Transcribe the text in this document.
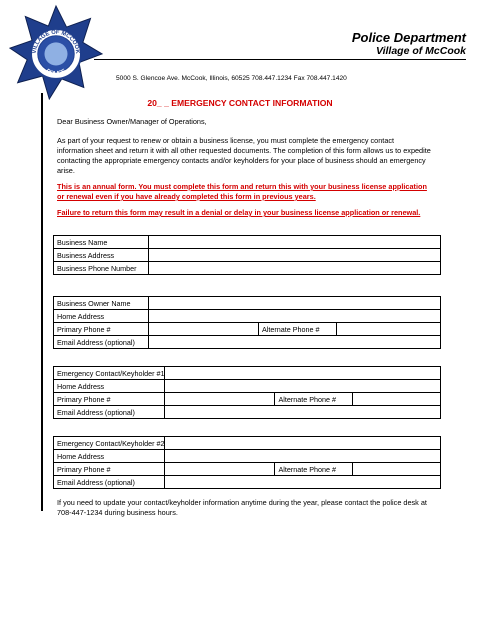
VILLAGE OF MCCOOK
POLICE
Police Department
Village of McCook
5000 S. Glencoe Ave. McCook, Illinois, 60525 708.447.1234 Fax 708.447.1420
20_ _ EMERGENCY CONTACT INFORMATION
Dear Business Owner/Manager of Operations,
As part of your request to renew or obtain a business license, you must complete the emergency contact information sheet and return it with all other requested documents. The completion of this form allows us to expedite contacting the appropriate emergency contacts and/or keyholders for your place of business should an emergency arise.
This is an annual form. You must complete this form and return this with your business license application or renewal even if you have already completed this form in previous years.
Failure to return this form may result in a denial or delay in your business license application or renewal.
Business Name	
Business Address	
Business Phone Number	
Business Owner Name			
Home Address			
Primary Phone #		Alternate Phone #	
Email Address (optional)			
Emergency Contact/Keyholder #1			
Home Address			
Primary Phone #		Alternate Phone #	
Email Address (optional)			
Emergency Contact/Keyholder #2			
Home Address			
Primary Phone #		Alternate Phone #	
Email Address (optional)			
If you need to update your contact/keyholder information anytime during the year, please contact the police desk at 708-447-1234 during business hours.
